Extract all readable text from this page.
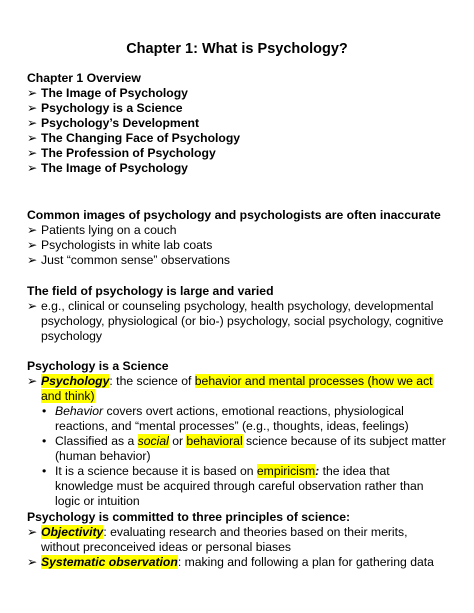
Chapter 1: What is Psychology?
Chapter 1 Overview
➢ The Image of Psychology
➢ Psychology is a Science
➢ Psychology’s Development
➢ The Changing Face of Psychology
➢ The Profession of Psychology
➢ The Image of Psychology
Common images of psychology and psychologists are often inaccurate
➢ Patients lying on a couch
➢ Psychologists in white lab coats
➢ Just “common sense” observations
The field of psychology is large and varied
➢ e.g., clinical or counseling psychology, health psychology, developmental psychology, physiological (or bio-) psychology, social psychology, cognitive psychology
Psychology is a Science
➢ Psychology: the science of behavior and mental processes (how we act and think)
• Behavior covers overt actions, emotional reactions, physiological reactions, and “mental processes” (e.g., thoughts, ideas, feelings)
• Classified as a social or behavioral science because of its subject matter (human behavior)
• It is a science because it is based on empiricism: the idea that knowledge must be acquired through careful observation rather than logic or intuition
Psychology is committed to three principles of science:
➢ Objectivity: evaluating research and theories based on their merits, without preconceived ideas or personal biases
➢ Systematic observation: making and following a plan for gathering data
